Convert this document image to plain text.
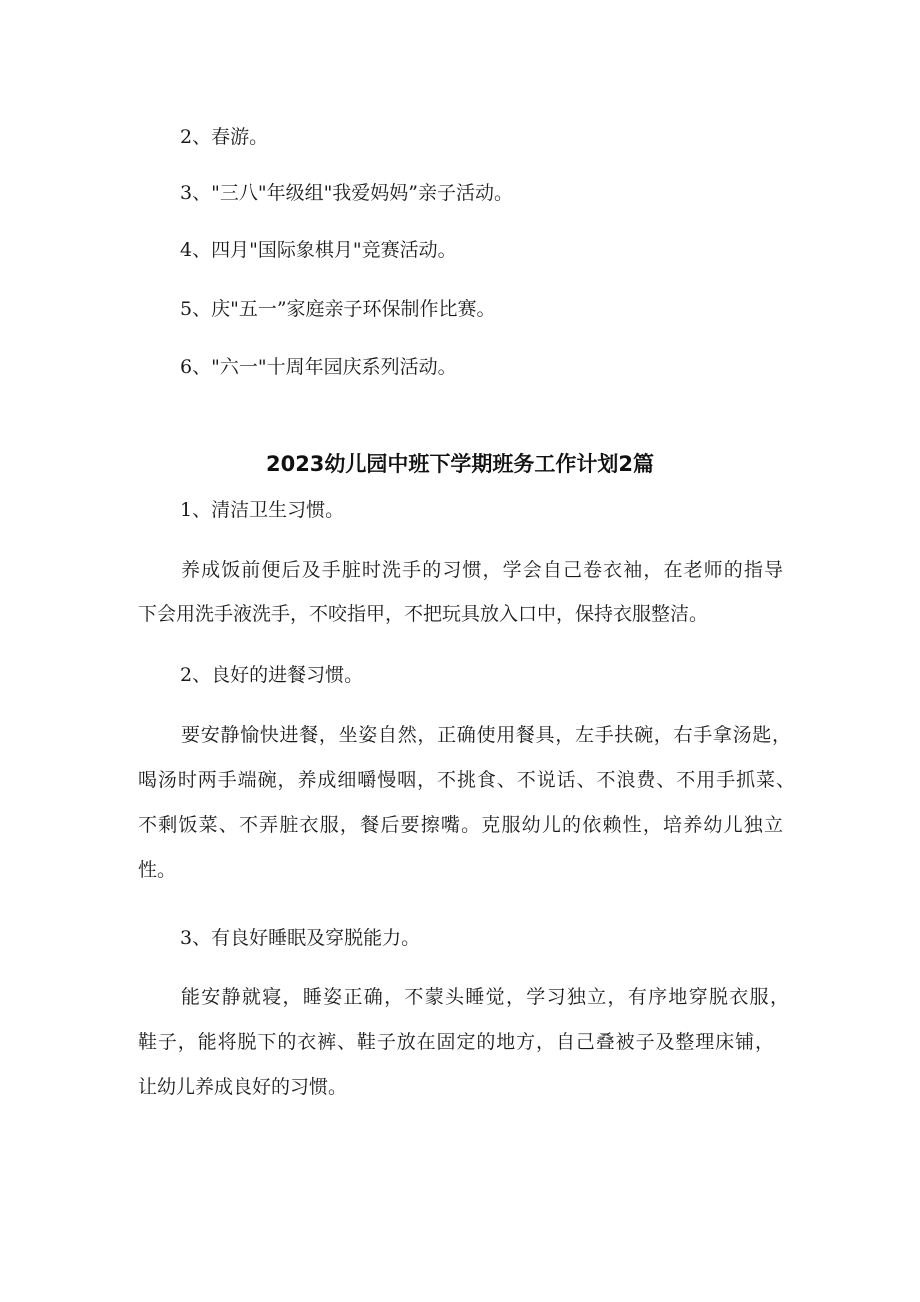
2、春游。

3、"三八"年级组"我爱妈妈”亲子活动。

4、四月"国际象棋月"竞赛活动。

5、庆"五一”家庭亲子环保制作比赛。

6、"六一"十周年园庆系列活动。

2023幼儿园中班下学期班务工作计划2篇

1、清洁卫生习惯。

养成饭前便后及手脏时洗手的习惯，学会自己卷衣袖，在老师的指导

下会用洗手液洗手，不咬指甲，不把玩具放入口中，保持衣服整洁。

2、良好的进餐习惯。

要安静愉快进餐，坐姿自然，正确使用餐具，左手扶碗，右手拿汤匙，

喝汤时两手端碗，养成细嚼慢咽，不挑食、不说话、不浪费、不用手抓菜、

不剩饭菜、不弄脏衣服，餐后要擦嘴。克服幼儿的依赖性，培养幼儿独立

性。

3、有良好睡眠及穿脱能力。

能安静就寝，睡姿正确，不蒙头睡觉，学习独立，有序地穿脱衣服，

鞋子，能将脱下的衣裤、鞋子放在固定的地方，自己叠被子及整理床铺，

让幼儿养成良好的习惯。
